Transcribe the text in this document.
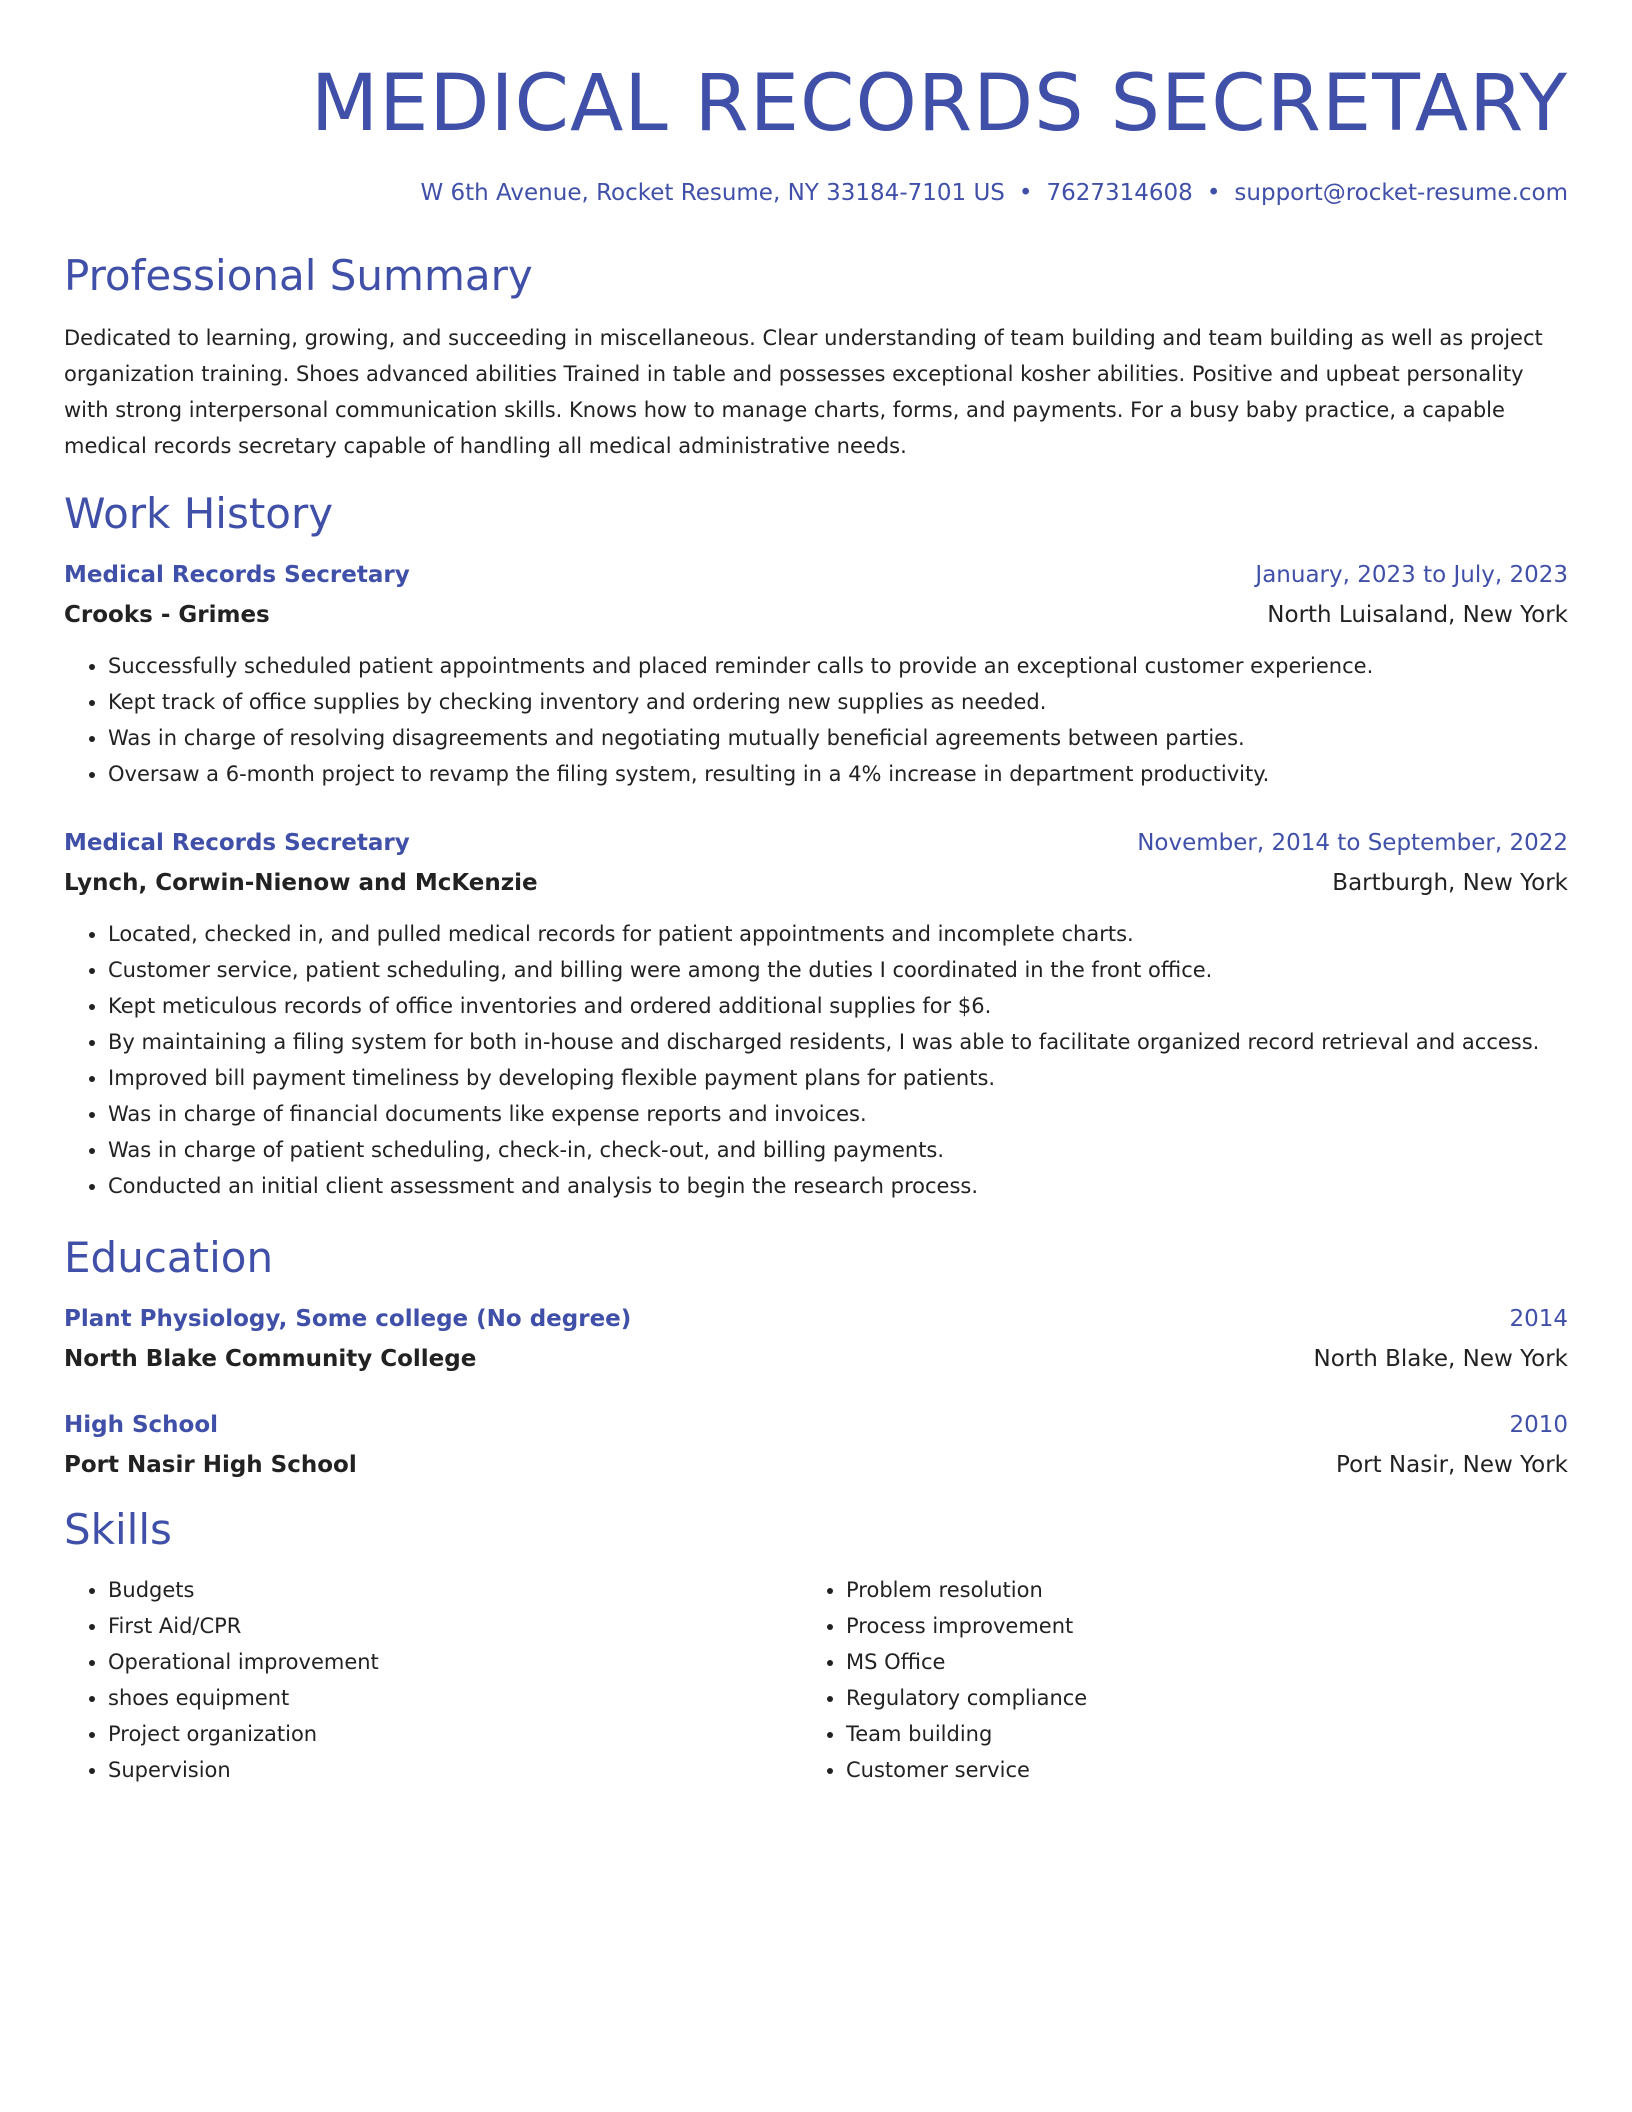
MEDICAL RECORDS SECRETARY
W 6th Avenue, Rocket Resume, NY 33184-7101 US • 7627314608 • support@rocket-resume.com
Professional Summary
Dedicated to learning, growing, and succeeding in miscellaneous. Clear understanding of team building and team building as well as project organization training. Shoes advanced abilities Trained in table and possesses exceptional kosher abilities. Positive and upbeat personality with strong interpersonal communication skills. Knows how to manage charts, forms, and payments. For a busy baby practice, a capable medical records secretary capable of handling all medical administrative needs.
Work History
Medical Records Secretary	January, 2023 to July, 2023
Crooks - Grimes	North Luisaland, New York
• Successfully scheduled patient appointments and placed reminder calls to provide an exceptional customer experience.
• Kept track of office supplies by checking inventory and ordering new supplies as needed.
• Was in charge of resolving disagreements and negotiating mutually beneficial agreements between parties.
• Oversaw a 6-month project to revamp the filing system, resulting in a 4% increase in department productivity.
Medical Records Secretary	November, 2014 to September, 2022
Lynch, Corwin-Nienow and McKenzie	Bartburgh, New York
• Located, checked in, and pulled medical records for patient appointments and incomplete charts.
• Customer service, patient scheduling, and billing were among the duties I coordinated in the front office.
• Kept meticulous records of office inventories and ordered additional supplies for $6.
• By maintaining a filing system for both in-house and discharged residents, I was able to facilitate organized record retrieval and access.
• Improved bill payment timeliness by developing flexible payment plans for patients.
• Was in charge of financial documents like expense reports and invoices.
• Was in charge of patient scheduling, check-in, check-out, and billing payments.
• Conducted an initial client assessment and analysis to begin the research process.
Education
Plant Physiology, Some college (No degree)	2014
North Blake Community College	North Blake, New York
High School	2010
Port Nasir High School	Port Nasir, New York
Skills
• Budgets
• First Aid/CPR
• Operational improvement
• shoes equipment
• Project organization
• Supervision
• Problem resolution
• Process improvement
• MS Office
• Regulatory compliance
• Team building
• Customer service
